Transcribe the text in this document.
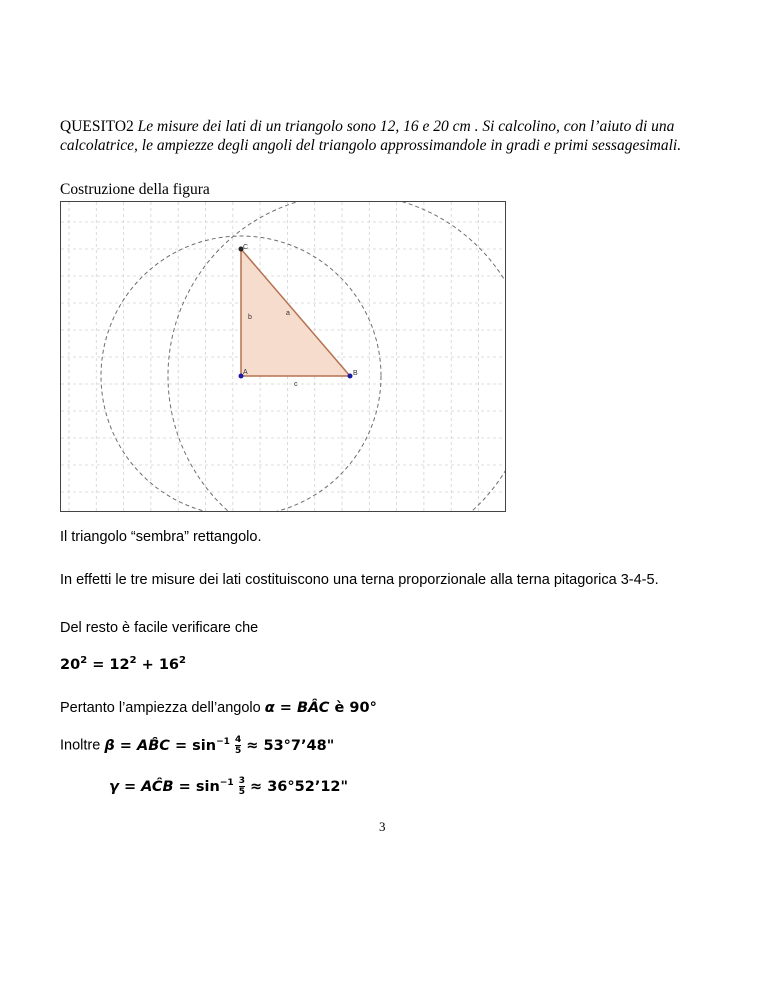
QUESITO2 Le misure dei lati di un triangolo sono 12, 16 e 20 cm . Si calcolino, con l’aiuto di una calcolatrice, le ampiezze degli angoli del triangolo approssimandole in gradi e primi sessagesimali.
Costruzione della figura
A	B
C
a
b
c
Il triangolo “sembra” rettangolo.
In effetti le tre misure dei lati costituiscono una terna proporzionale alla terna pitagorica 3-4-5.
Del resto è facile verificare che
$20^2 = 12^2 + 16^2$
Pertanto l’ampiezza dell’angolo α = BÂC è 90°
Inoltre β = AB̂C = $\sin^{-1} \frac{4}{5}$ ≈ 53°7’48"
γ = AĈB = $\sin^{-1} \frac{3}{5}$ ≈ 36°52’12"
3
